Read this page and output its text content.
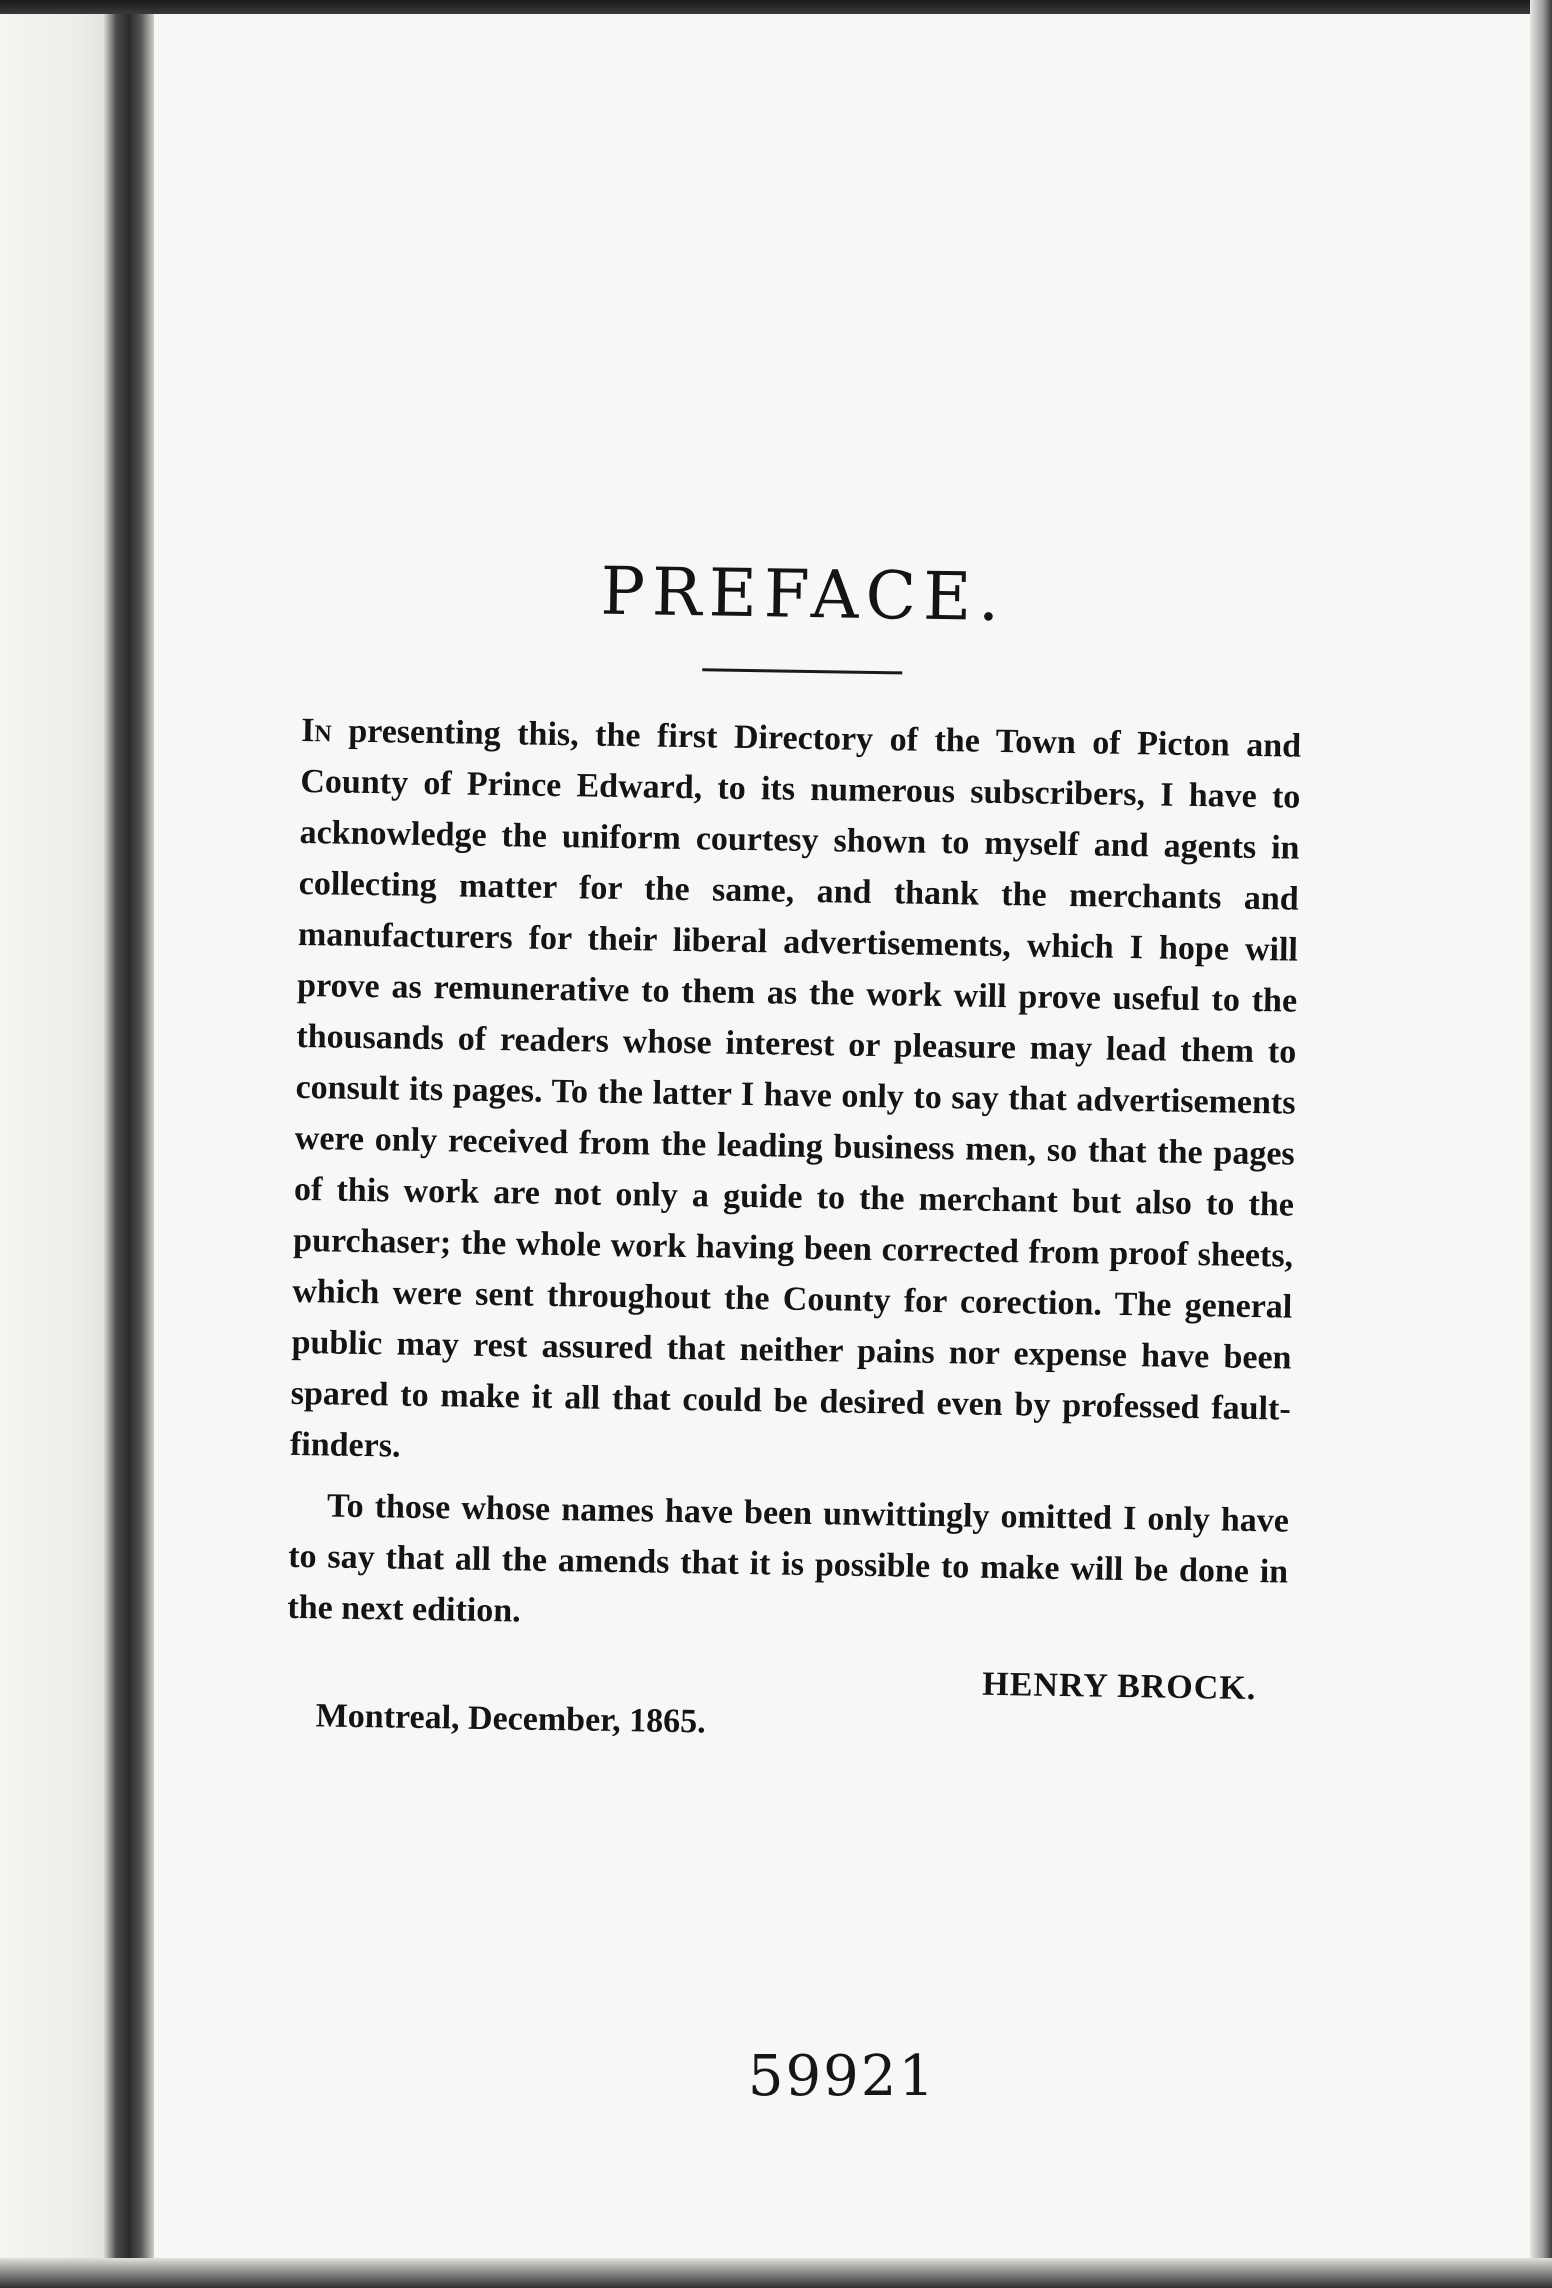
PREFACE.

In presenting this, the first Directory of the Town of Picton and County of Prince Edward, to its numerous subscribers, I have to acknowledge the uniform courtesy shown to myself and agents in collecting matter for the same, and thank the merchants and manufacturers for their liberal advertisements, which I hope will prove as remunerative to them as the work will prove useful to the thousands of readers whose interest or pleasure may lead them to consult its pages. To the latter I have only to say that advertisements were only received from the leading business men, so that the pages of this work are not only a guide to the merchant but also to the purchaser; the whole work having been corrected from proof sheets, which were sent throughout the County for corection. The general public may rest assured that neither pains nor expense have been spared to make it all that could be desired even by professed fault-finders.

To those whose names have been unwittingly omitted I only have to say that all the amends that it is possible to make will be done in the next edition.

HENRY BROCK.
Montreal, December, 1865.
59921
